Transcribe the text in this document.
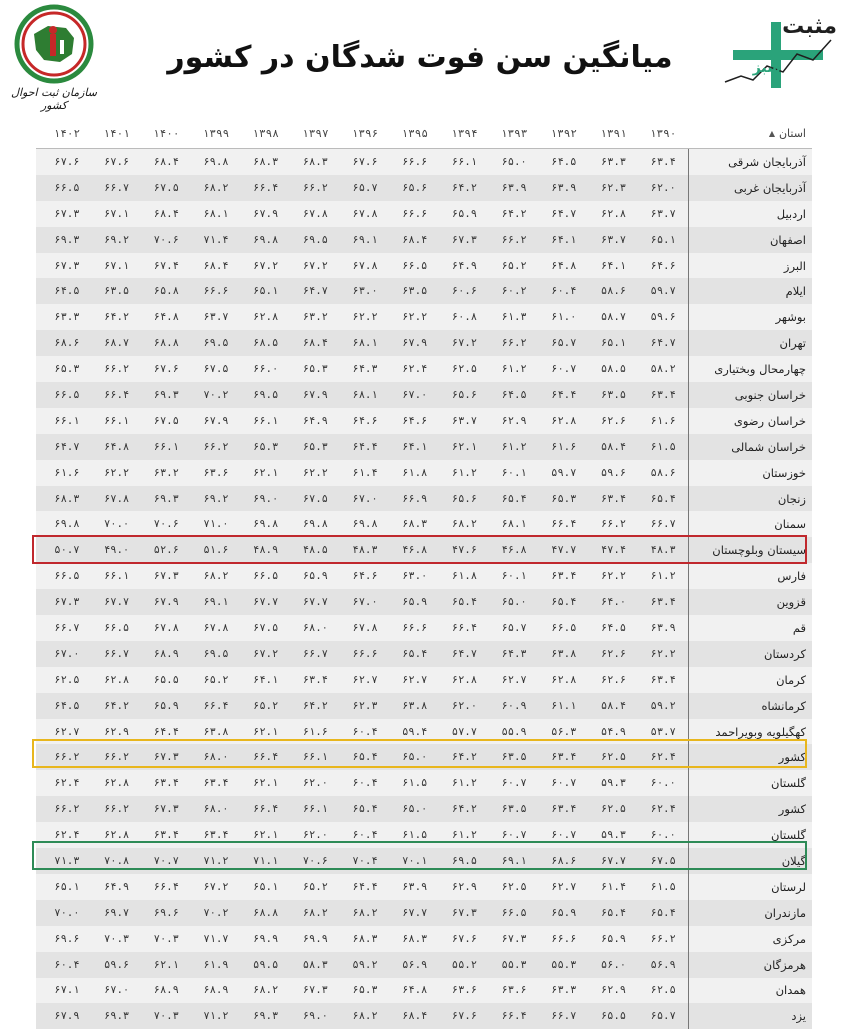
سازمان ثبت احوال کشور
میانگین سن فوت شدگان در کشور
مثبت
سبز
استان
▲
۱۳۹۰
۱۳۹۱
۱۳۹۲
۱۳۹۳
۱۳۹۴
۱۳۹۵
۱۳۹۶
۱۳۹۷
۱۳۹۸
۱۳۹۹
۱۴۰۰
۱۴۰۱
۱۴۰۲
آذربایجان شرقی
۶۳.۴
۶۳.۳
۶۴.۵
۶۵.۰
۶۶.۱
۶۶.۶
۶۷.۶
۶۸.۳
۶۸.۳
۶۹.۸
۶۸.۴
۶۷.۶
۶۷.۶
آذربایجان غربی
۶۲.۰
۶۲.۳
۶۳.۹
۶۳.۹
۶۴.۲
۶۵.۶
۶۵.۷
۶۶.۲
۶۶.۴
۶۸.۲
۶۷.۵
۶۶.۷
۶۶.۵
اردبیل
۶۳.۷
۶۲.۸
۶۴.۷
۶۴.۲
۶۵.۹
۶۶.۶
۶۷.۸
۶۷.۸
۶۷.۹
۶۸.۱
۶۸.۴
۶۷.۱
۶۷.۳
اصفهان
۶۵.۱
۶۳.۷
۶۴.۱
۶۶.۲
۶۷.۳
۶۸.۴
۶۹.۱
۶۹.۵
۶۹.۸
۷۱.۴
۷۰.۶
۶۹.۲
۶۹.۳
البرز
۶۴.۶
۶۴.۱
۶۴.۸
۶۵.۲
۶۴.۹
۶۶.۵
۶۷.۸
۶۷.۲
۶۷.۲
۶۸.۴
۶۷.۴
۶۷.۱
۶۷.۳
ایلام
۵۹.۷
۵۸.۶
۶۰.۴
۶۰.۲
۶۰.۶
۶۳.۵
۶۳.۰
۶۴.۷
۶۵.۱
۶۶.۶
۶۵.۸
۶۳.۵
۶۴.۵
بوشهر
۵۹.۶
۵۸.۷
۶۱.۰
۶۱.۳
۶۰.۸
۶۲.۲
۶۲.۲
۶۳.۲
۶۲.۸
۶۳.۷
۶۴.۸
۶۴.۲
۶۳.۳
تهران
۶۴.۷
۶۵.۱
۶۵.۷
۶۶.۲
۶۷.۲
۶۷.۹
۶۸.۱
۶۸.۴
۶۸.۵
۶۹.۵
۶۸.۸
۶۸.۷
۶۸.۶
چهارمحال وبختیاری
۵۸.۲
۵۸.۵
۶۰.۷
۶۱.۲
۶۲.۵
۶۲.۴
۶۴.۳
۶۵.۳
۶۶.۰
۶۷.۵
۶۷.۶
۶۶.۲
۶۵.۳
خراسان جنوبی
۶۳.۴
۶۳.۵
۶۴.۴
۶۴.۵
۶۵.۶
۶۷.۰
۶۸.۱
۶۷.۹
۶۹.۵
۷۰.۲
۶۹.۳
۶۶.۴
۶۶.۵
خراسان رضوی
۶۱.۶
۶۲.۶
۶۲.۸
۶۲.۹
۶۳.۷
۶۴.۶
۶۴.۶
۶۴.۹
۶۶.۱
۶۷.۹
۶۷.۵
۶۶.۱
۶۶.۱
خراسان شمالی
۶۱.۵
۵۸.۴
۶۱.۶
۶۱.۲
۶۲.۱
۶۴.۱
۶۴.۴
۶۵.۳
۶۵.۳
۶۶.۲
۶۶.۱
۶۴.۸
۶۴.۷
خوزستان
۵۸.۶
۵۹.۶
۵۹.۷
۶۰.۱
۶۱.۲
۶۱.۸
۶۱.۴
۶۲.۲
۶۲.۱
۶۳.۶
۶۳.۲
۶۲.۲
۶۱.۶
زنجان
۶۵.۴
۶۳.۴
۶۵.۳
۶۵.۴
۶۵.۶
۶۶.۹
۶۷.۰
۶۷.۵
۶۹.۰
۶۹.۲
۶۹.۳
۶۷.۸
۶۸.۳
سمنان
۶۶.۷
۶۶.۲
۶۶.۴
۶۸.۱
۶۸.۲
۶۸.۳
۶۹.۸
۶۹.۸
۶۹.۸
۷۱.۰
۷۰.۶
۷۰.۰
۶۹.۸
سیستان وبلوچستان
۴۸.۳
۴۷.۴
۴۷.۷
۴۶.۸
۴۷.۶
۴۶.۸
۴۸.۳
۴۸.۵
۴۸.۹
۵۱.۶
۵۲.۶
۴۹.۰
۵۰.۷
فارس
۶۱.۲
۶۲.۲
۶۳.۴
۶۰.۱
۶۱.۸
۶۳.۰
۶۴.۶
۶۵.۹
۶۶.۵
۶۸.۲
۶۷.۳
۶۶.۱
۶۶.۵
قزوین
۶۳.۴
۶۴.۰
۶۵.۴
۶۵.۰
۶۵.۴
۶۵.۹
۶۷.۰
۶۷.۷
۶۷.۷
۶۹.۱
۶۷.۹
۶۷.۷
۶۷.۳
قم
۶۳.۹
۶۴.۵
۶۶.۵
۶۵.۷
۶۶.۴
۶۶.۶
۶۷.۸
۶۸.۰
۶۷.۵
۶۷.۸
۶۷.۸
۶۶.۵
۶۶.۷
کردستان
۶۲.۲
۶۲.۶
۶۳.۸
۶۴.۳
۶۴.۷
۶۵.۴
۶۶.۶
۶۶.۷
۶۷.۲
۶۹.۵
۶۸.۹
۶۶.۷
۶۷.۰
کرمان
۶۳.۴
۶۲.۶
۶۲.۸
۶۲.۷
۶۲.۸
۶۲.۷
۶۲.۷
۶۳.۴
۶۴.۱
۶۵.۲
۶۵.۵
۶۲.۸
۶۲.۵
کرمانشاه
۵۹.۲
۵۸.۴
۶۱.۱
۶۰.۹
۶۲.۰
۶۳.۸
۶۲.۳
۶۴.۲
۶۵.۲
۶۶.۴
۶۵.۹
۶۴.۲
۶۴.۵
کهگیلویه وبویراحمد
۵۳.۷
۵۴.۹
۵۶.۳
۵۵.۹
۵۷.۷
۵۹.۴
۶۰.۴
۶۱.۶
۶۲.۱
۶۳.۸
۶۴.۴
۶۲.۹
۶۲.۷
کشور
۶۲.۴
۶۲.۵
۶۳.۴
۶۳.۵
۶۴.۲
۶۵.۰
۶۵.۴
۶۶.۱
۶۶.۴
۶۸.۰
۶۷.۳
۶۶.۲
۶۶.۲
گلستان
۶۰.۰
۵۹.۳
۶۰.۷
۶۰.۷
۶۱.۲
۶۱.۵
۶۰.۴
۶۲.۰
۶۲.۱
۶۳.۴
۶۳.۴
۶۲.۸
۶۲.۴
کشور
۶۲.۴
۶۲.۵
۶۳.۴
۶۳.۵
۶۴.۲
۶۵.۰
۶۵.۴
۶۶.۱
۶۶.۴
۶۸.۰
۶۷.۳
۶۶.۲
۶۶.۲
گلستان
۶۰.۰
۵۹.۳
۶۰.۷
۶۰.۷
۶۱.۲
۶۱.۵
۶۰.۴
۶۲.۰
۶۲.۱
۶۳.۴
۶۳.۴
۶۲.۸
۶۲.۴
گیلان
۶۷.۵
۶۷.۷
۶۸.۶
۶۹.۱
۶۹.۵
۷۰.۱
۷۰.۴
۷۰.۶
۷۱.۱
۷۱.۲
۷۰.۷
۷۰.۸
۷۱.۳
لرستان
۶۱.۵
۶۱.۴
۶۲.۷
۶۲.۵
۶۲.۹
۶۳.۹
۶۴.۴
۶۵.۲
۶۵.۱
۶۷.۲
۶۶.۴
۶۴.۹
۶۵.۱
مازندران
۶۵.۴
۶۵.۴
۶۵.۹
۶۶.۵
۶۷.۳
۶۷.۷
۶۸.۲
۶۸.۲
۶۸.۸
۷۰.۲
۶۹.۶
۶۹.۷
۷۰.۰
مرکزی
۶۶.۲
۶۵.۹
۶۶.۶
۶۷.۳
۶۷.۶
۶۸.۳
۶۸.۳
۶۹.۹
۶۹.۹
۷۱.۷
۷۰.۳
۷۰.۳
۶۹.۶
هرمزگان
۵۶.۹
۵۶.۰
۵۵.۳
۵۵.۳
۵۵.۲
۵۶.۹
۵۹.۲
۵۸.۳
۵۹.۵
۶۱.۹
۶۲.۱
۵۹.۶
۶۰.۴
همدان
۶۲.۵
۶۲.۹
۶۳.۳
۶۳.۶
۶۳.۶
۶۴.۸
۶۵.۳
۶۷.۳
۶۸.۲
۶۸.۹
۶۸.۹
۶۷.۰
۶۷.۱
یزد
۶۵.۷
۶۵.۵
۶۶.۷
۶۶.۴
۶۷.۶
۶۸.۴
۶۸.۲
۶۹.۰
۶۹.۳
۷۱.۲
۷۰.۳
۶۹.۳
۶۷.۹
